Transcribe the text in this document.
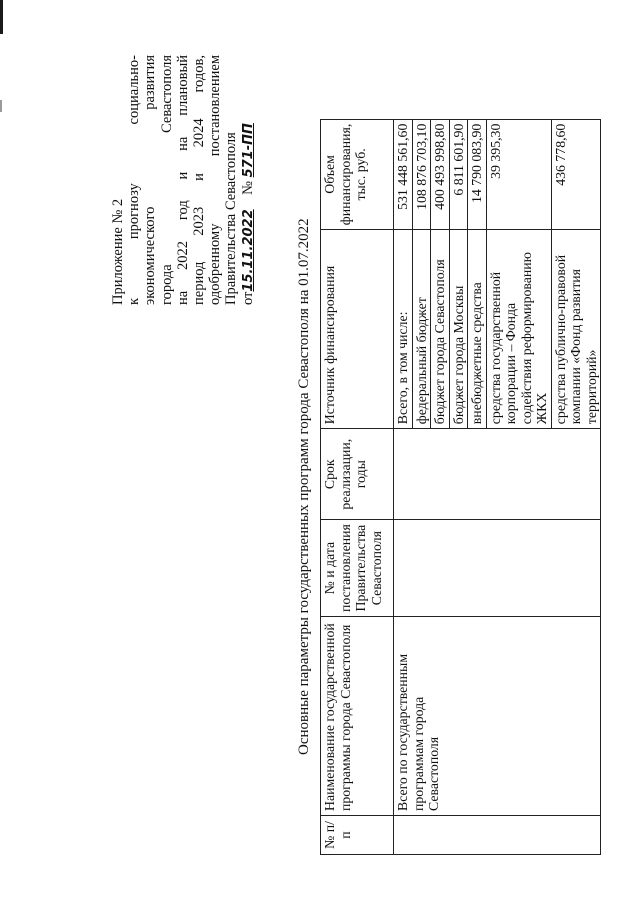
Приложение № 2 к прогнозу социально- экономического развития города Севастополя на 2022 год и на плановый период 2023 и 2024 годов, одобренному постановлением Правительства Севастополя от15.11.2022    № 571-ПП
Основные параметры государственных программ города Севастополя на 01.07.2022
№ п/п	Наименование государственной программы города Севастополя	№ и дата постановления Правительства Севастополя	Срок реализации, годы	Источник финансирования	Объем финансирования, тыс. руб.
	Всего по государственным программам города Севастополя			Всего, в том числе:	531 448 561,60
				федеральный бюджет	108 876 703,10
				бюджет города Севастополя	400 493 998,80
				бюджет города Москвы	6 811 601,90
				внебюджетные средства	14 790 083,90
				средства государственной корпорации – Фонда содействия реформированию ЖКХ	39 395,30
				средства публично-правовой компании «Фонд развития территорий»	436 778,60
